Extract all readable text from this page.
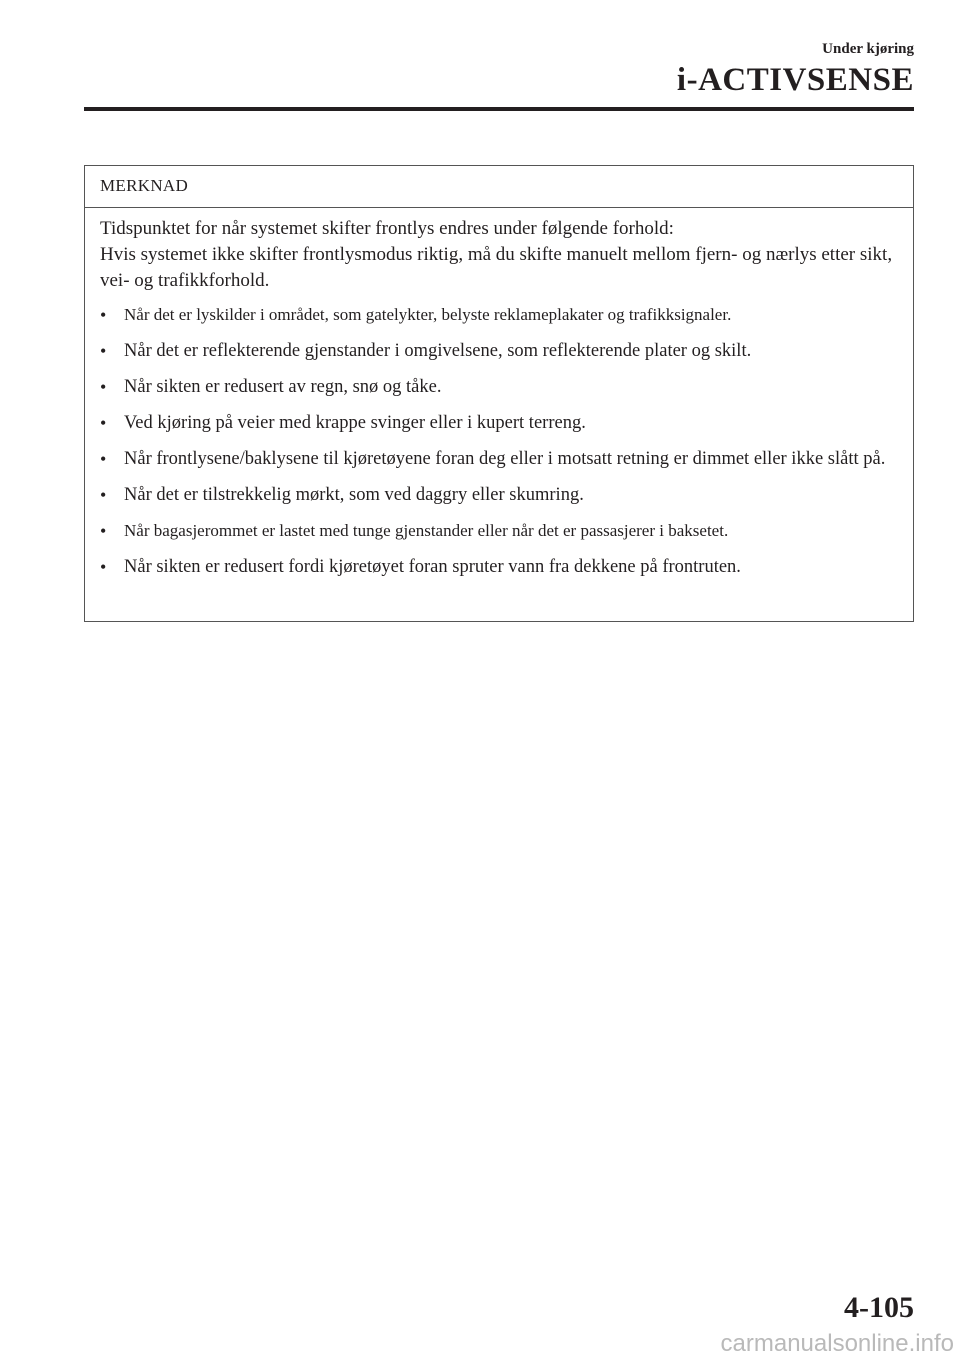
Under kjøring
i-ACTIVSENSE
MERKNAD

Tidspunktet for når systemet skifter frontlys endres under følgende forhold:
Hvis systemet ikke skifter frontlysmodus riktig, må du skifte manuelt mellom fjern- og nærlys etter sikt, vei- og trafikkforhold.

• Når det er lyskilder i området, som gatelykter, belyste reklameplakater og trafikksignaler.
• Når det er reflekterende gjenstander i omgivelsene, som reflekterende plater og skilt.
• Når sikten er redusert av regn, snø og tåke.
• Ved kjøring på veier med krappe svinger eller i kupert terreng.
• Når frontlysene/baklysene til kjøretøyene foran deg eller i motsatt retning er dimmet eller ikke slått på.
• Når det er tilstrekkelig mørkt, som ved daggry eller skumring.
• Når bagasjerommet er lastet med tunge gjenstander eller når det er passasjerer i baksetet.
• Når sikten er redusert fordi kjøretøyet foran spruter vann fra dekkene på frontruten.
4-105
carmanualsonline.info
